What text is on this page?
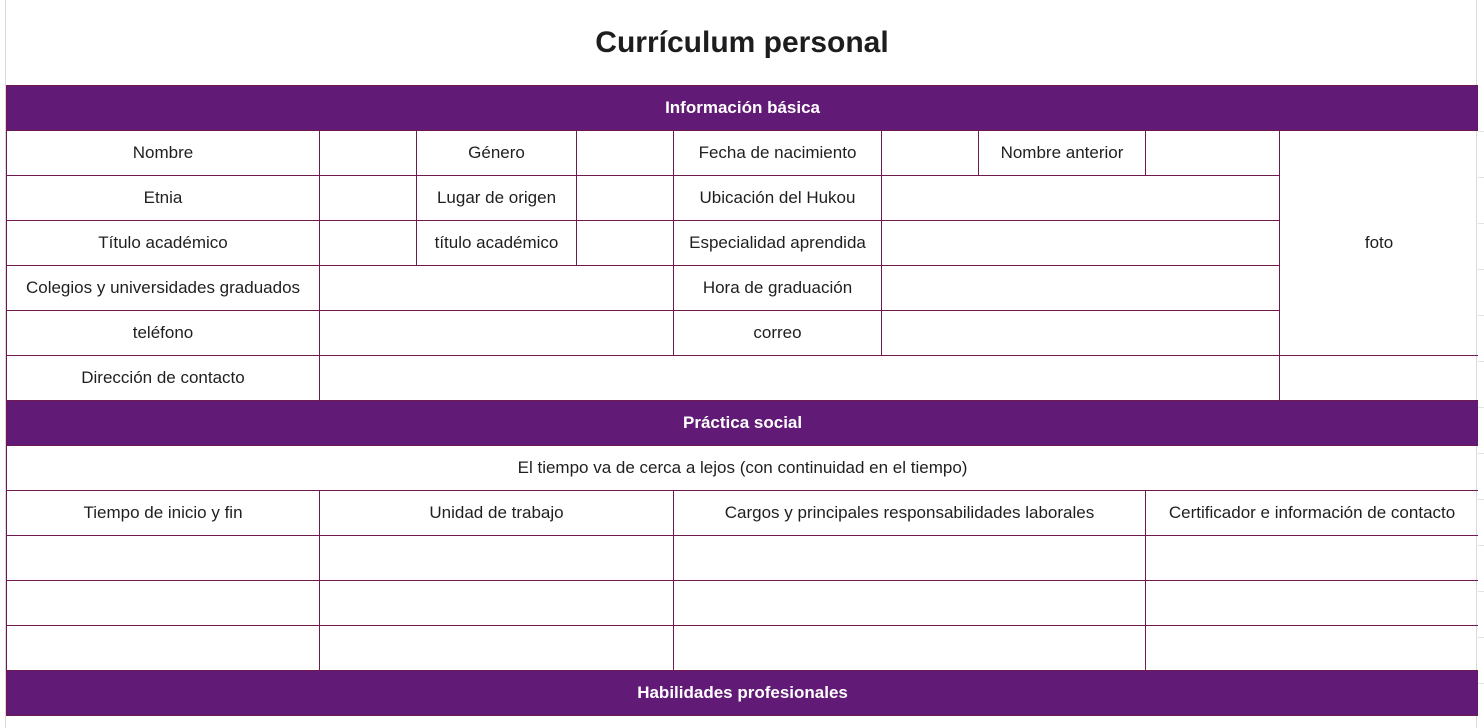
Currículum personal
Información básica								
Nombre		Género		Fecha de nacimiento		Nombre anterior		foto
Etnia		Lugar de origen		Ubicación del Hukou				
Título académico		título académico		Especialidad aprendida				
Colegios y universidades graduados				Hora de graduación				
teléfono				correo				
Dirección de contacto								
Práctica social								
El tiempo va de cerca a lejos (con continuidad en el tiempo)								
Tiempo de inicio y fin	Unidad de trabajo			Cargos y principales responsabilidades laborales			Certificador e información de contacto	

Habilidades profesionales								
